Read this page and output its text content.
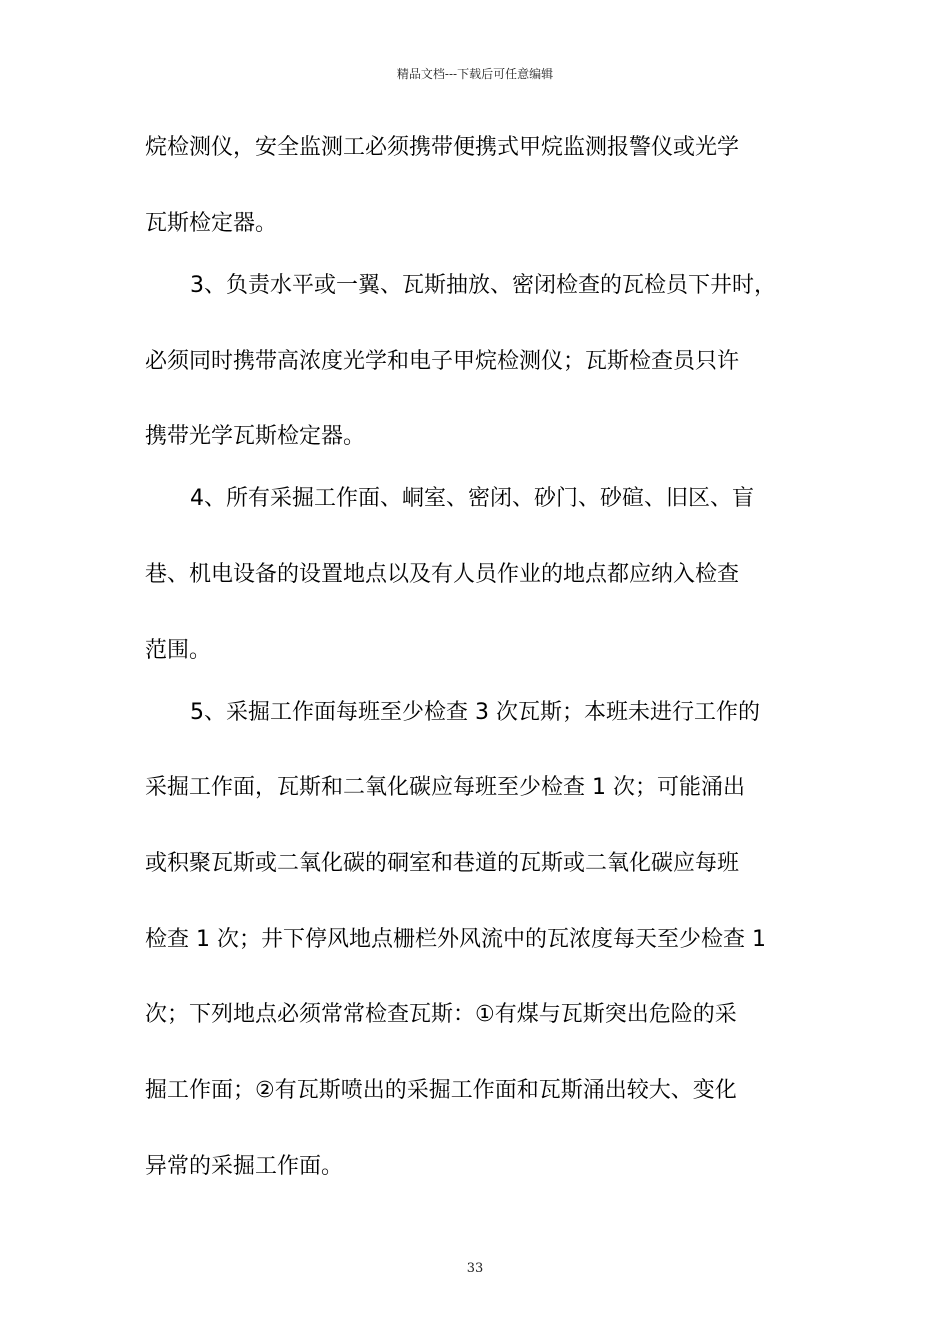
精品文档---下载后可任意编辑
烷检测仪，安全监测工必须携带便携式甲烷监测报警仪或光学
瓦斯检定器。
3、负责水平或一翼、瓦斯抽放、密闭检查的瓦检员下井时，
必须同时携带高浓度光学和电子甲烷检测仪；瓦斯检查员只许
携带光学瓦斯检定器。
4、所有采掘工作面、峒室、密闭、砂门、砂碹、旧区、盲
巷、机电设备的设置地点以及有人员作业的地点都应纳入检查
范围。
5、采掘工作面每班至少检查 3 次瓦斯；本班未进行工作的
采掘工作面，瓦斯和二氧化碳应每班至少检查 1 次；可能涌出
或积聚瓦斯或二氧化碳的硐室和巷道的瓦斯或二氧化碳应每班
检查 1 次；井下停风地点栅栏外风流中的瓦浓度每天至少检查 1
次；下列地点必须常常检查瓦斯：①有煤与瓦斯突出危险的采
掘工作面；②有瓦斯喷出的采掘工作面和瓦斯涌出较大、变化
异常的采掘工作面。
33
